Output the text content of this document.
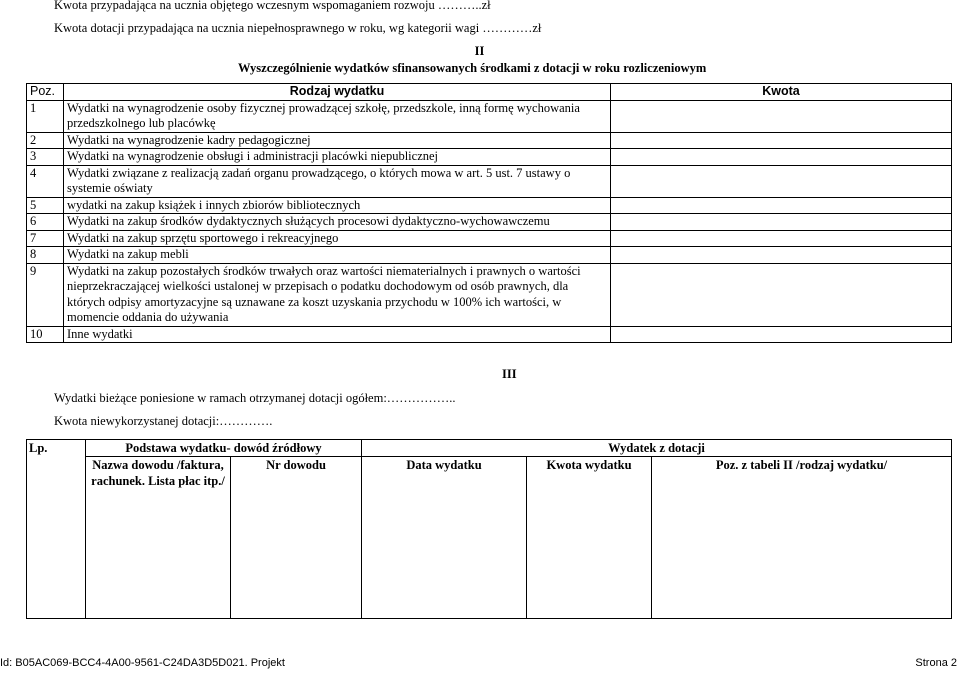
Kwota przypadająca na ucznia objętego wczesnym wspomaganiem rozwoju ………..zł
Kwota dotacji przypadająca na ucznia niepełnosprawnego w roku, wg kategorii wagi …………zł
II
Wyszczególnienie wydatków sfinansowanych środkami z dotacji w roku rozliczeniowym
Poz.	Rodzaj wydatku	Kwota
1	Wydatki na wynagrodzenie osoby fizycznej prowadzącej szkołę, przedszkole, inną formę wychowania przedszkolnego lub placówkę	
2	Wydatki na wynagrodzenie kadry pedagogicznej	
3	Wydatki na wynagrodzenie obsługi i administracji placówki niepublicznej	
4	Wydatki związane z realizacją zadań organu prowadzącego, o których mowa w art. 5 ust. 7 ustawy o systemie oświaty	
5	wydatki na zakup książek i innych zbiorów bibliotecznych	
6	Wydatki na zakup środków dydaktycznych służących procesowi dydaktyczno-wychowawczemu	
7	Wydatki na zakup sprzętu sportowego i rekreacyjnego	
8	Wydatki na zakup mebli	
9	Wydatki na zakup pozostałych środków trwałych oraz wartości niematerialnych i prawnych o wartości nieprzekraczającej wielkości ustalonej w przepisach o podatku dochodowym od osób prawnych, dla których odpisy amortyzacyjne są uznawane za koszt uzyskania przychodu w 100% ich wartości, w momencie oddania do używania	
10	Inne wydatki	
III
Wydatki bieżące poniesione w ramach otrzymanej dotacji ogółem:……………..
Kwota niewykorzystanej dotacji:………….
Lp.	Podstawa wydatku- dowód źródłowy		Wydatek z dotacji		
	Nazwa dowodu /faktura, rachunek. Lista płac itp./	Nr dowodu	Data wydatku	Kwota wydatku	Poz. z tabeli II /rodzaj wydatku/
Id: B05AC069-BCC4-4A00-9561-C24DA3D5D021. Projekt	Strona 2
